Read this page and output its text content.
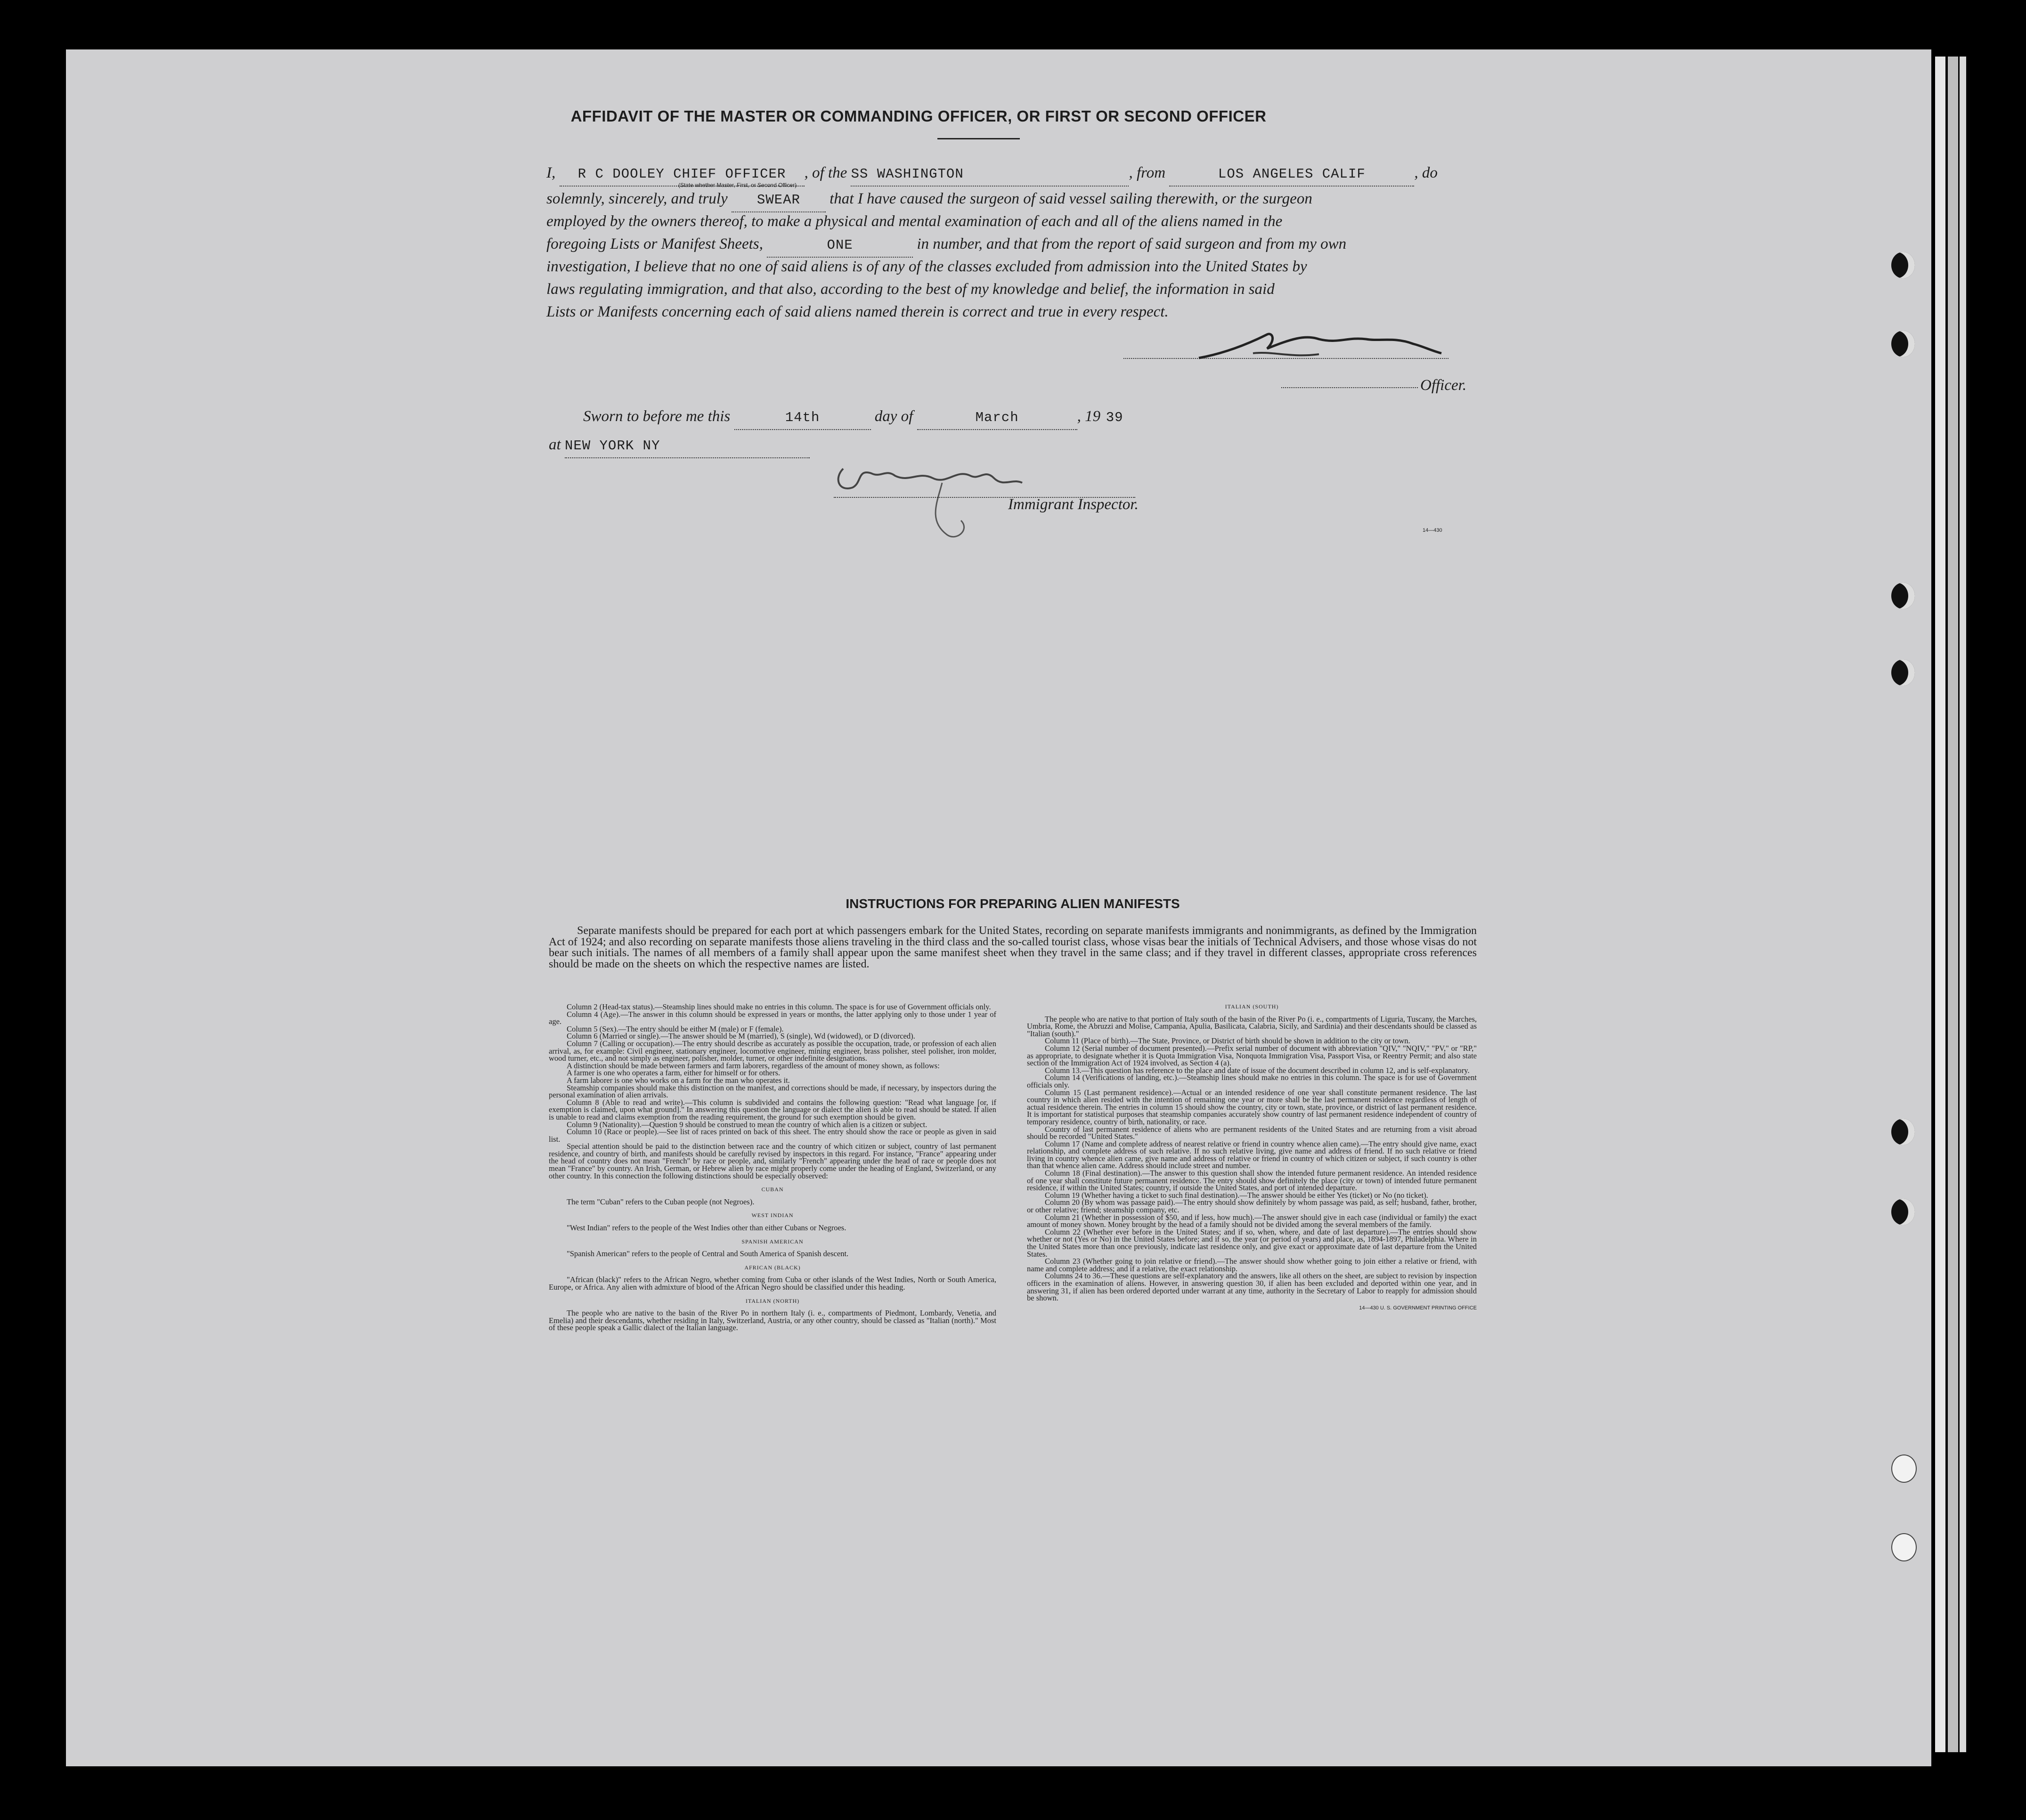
AFFIDAVIT OF THE MASTER OR COMMANDING OFFICER, OR FIRST OR SECOND OFFICER
I, R C DOOLEY CHIEF OFFICER , of the SS WASHINGTON	, from	LOS ANGELES CALIF	, do
(State whether Master, First, or Second Officer)
solemnly, sincerely, and truly SWEAR that I have caused the surgeon of said vessel sailing therewith, or the surgeon
employed by the owners thereof, to make a physical and mental examination of each and all of the aliens named in the
foregoing Lists or Manifest Sheets,	ONE	in number, and that from the report of said surgeon and from my own
investigation, I believe that no one of said aliens is of any of the classes excluded from admission into the United States by
laws regulating immigration, and that also, according to the best of my knowledge and belief, the information in said
Lists or Manifests concerning each of said aliens named therein is correct and true in every respect.
Officer.
Sworn to before me this	14th	day of	March	, 19 39
at NEW YORK NY
Immigrant Inspector.
14—430
INSTRUCTIONS FOR PREPARING ALIEN MANIFESTS
Separate manifests should be prepared for each port at which passengers embark for the United States, recording on separate manifests immigrants and nonimmigrants, as defined by the Immigration Act of 1924; and also recording on separate manifests those aliens traveling in the third class and the so-called tourist class, whose visas bear the initials of Technical Advisers, and those whose visas do not bear such initials. The names of all members of a family shall appear upon the same manifest sheet when they travel in the same class; and if they travel in different classes, appropriate cross references should be made on the sheets on which the respective names are listed.

Column 2 (Head-tax status).—Steamship lines should make no entries in this column. The space is for use of Government officials only.

Column 4 (Age).—The answer in this column should be expressed in years or months, the latter applying only to those under 1 year of age.

Column 5 (Sex).—The entry should be either M (male) or F (female).

Column 6 (Married or single).—The answer should be M (married), S (single), Wd (widowed), or D (divorced).

Column 7 (Calling or occupation).—The entry should describe as accurately as possible the occupation, trade, or profession of each alien arrival, as, for example: Civil engineer, stationary engineer, locomotive engineer, mining engineer, brass polisher, steel polisher, iron molder, wood turner, etc., and not simply as engineer, polisher, molder, turner, or other indefinite designations.

A distinction should be made between farmers and farm laborers, regardless of the amount of money shown, as follows:

A farmer is one who operates a farm, either for himself or for others.

A farm laborer is one who works on a farm for the man who operates it.

Steamship companies should make this distinction on the manifest, and corrections should be made, if necessary, by inspectors during the personal examination of alien arrivals.

Column 8 (Able to read and write).—This column is subdivided and contains the following question: "Read what language [or, if exemption is claimed, upon what ground]." In answering this question the language or dialect the alien is able to read should be stated. If alien is unable to read and claims exemption from the reading requirement, the ground for such exemption should be given.

Column 9 (Nationality).—Question 9 should be construed to mean the country of which alien is a citizen or subject.

Column 10 (Race or people).—See list of races printed on back of this sheet. The entry should show the race or people as given in said list.

Special attention should be paid to the distinction between race and the country of which citizen or subject, country of last permanent residence, and country of birth, and manifests should be carefully revised by inspectors in this regard. For instance, "France" appearing under the head of country does not mean "French" by race or people, and, similarly "French" appearing under the head of race or people does not mean "France" by country. An Irish, German, or Hebrew alien by race might properly come under the heading of England, Switzerland, or any other country. In this connection the following distinctions should be especially observed:

CUBAN

The term "Cuban" refers to the Cuban people (not Negroes).

WEST INDIAN

"West Indian" refers to the people of the West Indies other than either Cubans or Negroes.

SPANISH AMERICAN

"Spanish American" refers to the people of Central and South America of Spanish descent.

AFRICAN (BLACK)

"African (black)" refers to the African Negro, whether coming from Cuba or other islands of the West Indies, North or South America, Europe, or Africa. Any alien with admixture of blood of the African Negro should be classified under this heading.

ITALIAN (NORTH)

The people who are native to the basin of the River Po in northern Italy (i. e., compartments of Piedmont, Lombardy, Venetia, and Emelia) and their descendants, whether residing in Italy, Switzerland, Austria, or any other country, should be classed as "Italian (north)." Most of these people speak a Gallic dialect of the Italian language.

ITALIAN (SOUTH)

The people who are native to that portion of Italy south of the basin of the River Po (i. e., compartments of Liguria, Tuscany, the Marches, Umbria, Rome, the Abruzzi and Molise, Campania, Apulia, Basilicata, Calabria, Sicily, and Sardinia) and their descendants should be classed as "Italian (south)."

Column 11 (Place of birth).—The State, Province, or District of birth should be shown in addition to the city or town.

Column 12 (Serial number of document presented).—Prefix serial number of document with abbreviation "QIV," "NQIV," "PV," or "RP," as appropriate, to designate whether it is Quota Immigration Visa, Nonquota Immigration Visa, Passport Visa, or Reentry Permit; and also state section of the Immigration Act of 1924 involved, as Section 4 (a).

Column 13.—This question has reference to the place and date of issue of the document described in column 12, and is self-explanatory.

Column 14 (Verifications of landing, etc.).—Steamship lines should make no entries in this column. The space is for use of Government officials only.

Column 15 (Last permanent residence).—Actual or an intended residence of one year shall constitute permanent residence. The last country in which alien resided with the intention of remaining one year or more shall be the last permanent residence regardless of length of actual residence therein. The entries in column 15 should show the country, city or town, state, province, or district of last permanent residence. It is important for statistical purposes that steamship companies accurately show country of last permanent residence independent of country of temporary residence, country of birth, nationality, or race.

Country of last permanent residence of aliens who are permanent residents of the United States and are returning from a visit abroad should be recorded "United States."

Column 17 (Name and complete address of nearest relative or friend in country whence alien came).—The entry should give name, exact relationship, and complete address of such relative. If no such relative living, give name and address of friend. If no such relative or friend living in country whence alien came, give name and address of relative or friend in country of which citizen or subject, if such country is other than that whence alien came. Address should include street and number.

Column 18 (Final destination).—The answer to this question shall show the intended future permanent residence. An intended residence of one year shall constitute future permanent residence. The entry should show definitely the place (city or town) of intended future permanent residence, if within the United States; country, if outside the United States, and port of intended departure.

Column 19 (Whether having a ticket to such final destination).—The answer should be either Yes (ticket) or No (no ticket).

Column 20 (By whom was passage paid).—The entry should show definitely by whom passage was paid, as self; husband, father, brother, or other relative; friend; steamship company, etc.

Column 21 (Whether in possession of $50, and if less, how much).—The answer should give in each case (individual or family) the exact amount of money shown. Money brought by the head of a family should not be divided among the several members of the family.

Column 22 (Whether ever before in the United States; and if so, when, where, and date of last departure).—The entries should show whether or not (Yes or No) in the United States before; and if so, the year (or period of years) and place, as, 1894-1897, Philadelphia. Where in the United States more than once previously, indicate last residence only, and give exact or approximate date of last departure from the United States.

Column 23 (Whether going to join relative or friend).—The answer should show whether going to join either a relative or friend, with name and complete address; and if a relative, the exact relationship.

Columns 24 to 36.—These questions are self-explanatory and the answers, like all others on the sheet, are subject to revision by inspection officers in the examination of aliens. However, in answering question 30, if alien has been excluded and deported within one year, and in answering 31, if alien has been ordered deported under warrant at any time, authority in the Secretary of Labor to reapply for admission should be shown.

14—430 U. S. GOVERNMENT PRINTING OFFICE
